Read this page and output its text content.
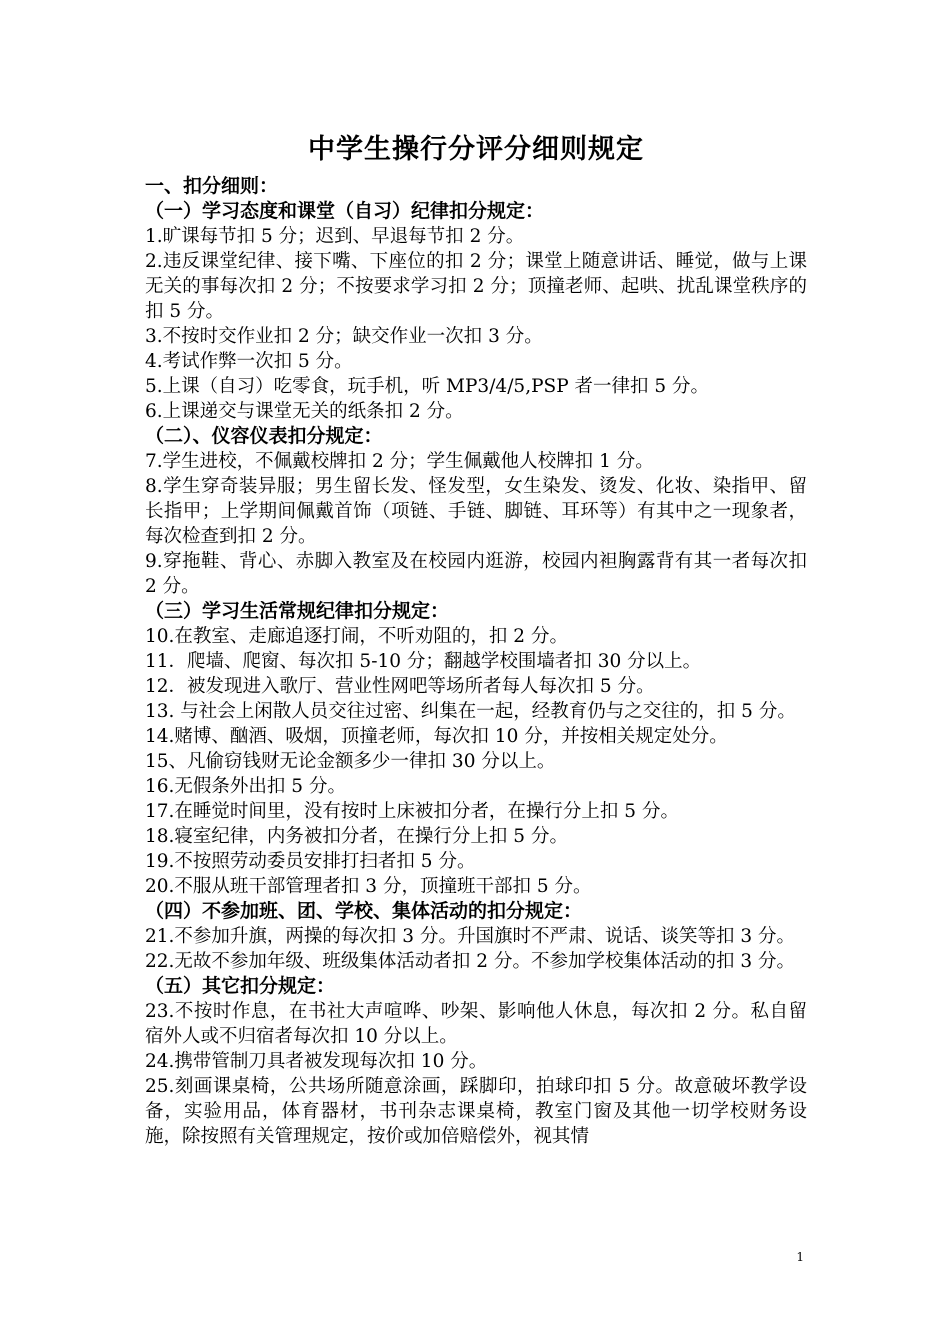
中学生操行分评分细则规定

一、扣分细则：

（一）学习态度和课堂（自习）纪律扣分规定：

1.旷课每节扣 5 分；迟到、早退每节扣 2 分。

2.违反课堂纪律、接下嘴、下座位的扣 2 分；课堂上随意讲话、睡觉，做与上课无关的事每次扣 2 分；不按要求学习扣 2 分；顶撞老师、起哄、扰乱课堂秩序的扣 5 分。

3.不按时交作业扣 2 分；缺交作业一次扣 3 分。

4.考试作弊一次扣 5 分。

5.上课（自习）吃零食，玩手机，听 MP3/4/5,PSP 者一律扣 5 分。

6.上课递交与课堂无关的纸条扣 2 分。

（二）、仪容仪表扣分规定：

7.学生进校，不佩戴校牌扣 2 分；学生佩戴他人校牌扣 1 分。

8.学生穿奇装异服；男生留长发、怪发型，女生染发、烫发、化妆、染指甲、留长指甲；上学期间佩戴首饰（项链、手链、脚链、耳环等）有其中之一现象者，每次检查到扣 2 分。

9.穿拖鞋、背心、赤脚入教室及在校园内逛游，校园内袒胸露背有其一者每次扣 2 分。

（三）学习生活常规纪律扣分规定：

10.在教室、走廊追逐打闹，不听劝阻的，扣 2 分。

11．爬墙、爬窗、每次扣 5-10 分；翻越学校围墙者扣 30 分以上。

12．被发现进入歌厅、营业性网吧等场所者每人每次扣 5 分。

13. 与社会上闲散人员交往过密、纠集在一起，经教育仍与之交往的，扣 5 分。

14.赌博、酗酒、吸烟，顶撞老师，每次扣 10 分，并按相关规定处分。

15、凡偷窃钱财无论金额多少一律扣 30 分以上。

16.无假条外出扣 5 分。

17.在睡觉时间里，没有按时上床被扣分者，在操行分上扣 5 分。

18.寝室纪律，内务被扣分者，在操行分上扣 5 分。

19.不按照劳动委员安排打扫者扣 5 分。

20.不服从班干部管理者扣 3 分，顶撞班干部扣 5 分。

（四）不参加班、团、学校、集体活动的扣分规定：

21.不参加升旗，两操的每次扣 3 分。升国旗时不严肃、说话、谈笑等扣 3 分。

22.无故不参加年级、班级集体活动者扣 2 分。不参加学校集体活动的扣 3 分。

（五）其它扣分规定：

23.不按时作息，在书社大声喧哗、吵架、影响他人休息，每次扣 2 分。私自留宿外人或不归宿者每次扣 10 分以上。

24.携带管制刀具者被发现每次扣 10 分。

25.刻画课桌椅，公共场所随意涂画，踩脚印，拍球印扣 5 分。故意破坏教学设备，实验用品，体育器材，书刊杂志课桌椅，教室门窗及其他一切学校财务设施，除按照有关管理规定，按价或加倍赔偿外，视其情

1
